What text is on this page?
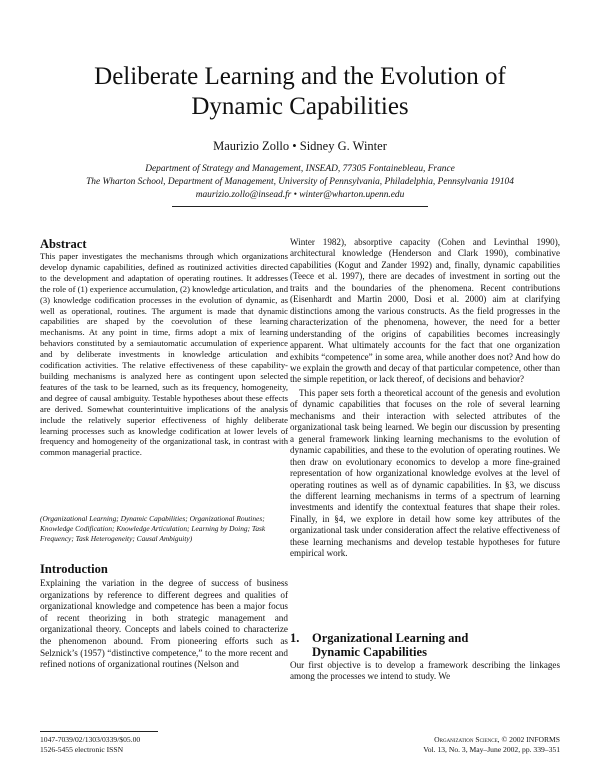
Deliberate Learning and the Evolution of
Dynamic Capabilities
Maurizio Zollo • Sidney G. Winter
Department of Strategy and Management, INSEAD, 77305 Fontainebleau, France
The Wharton School, Department of Management, University of Pennsylvania, Philadelphia, Pennsylvania 19104
maurizio.zollo@insead.fr • winter@wharton.upenn.edu
Abstract

This paper investigates the mechanisms through which organizations develop dynamic capabilities, defined as routinized activities directed to the development and adaptation of operating routines. It addresses the role of (1) experience accumulation, (2) knowledge articulation, and (3) knowledge codification processes in the evolution of dynamic, as well as operational, routines. The argument is made that dynamic capabilities are shaped by the coevolution of these learning mechanisms. At any point in time, firms adopt a mix of learning behaviors constituted by a semiautomatic accumulation of experience and by deliberate investments in knowledge articulation and codification activities. The relative effectiveness of these capability-building mechanisms is analyzed here as contingent upon selected features of the task to be learned, such as its frequency, homogeneity, and degree of causal ambiguity. Testable hypotheses about these effects are derived. Somewhat counterintuitive implications of the analysis include the relatively superior effectiveness of highly deliberate learning processes such as knowledge codification at lower levels of frequency and homogeneity of the organizational task, in contrast with common managerial practice.

(Organizational Learning; Dynamic Capabilities; Organizational Routines; Knowledge Codification; Knowledge Articulation; Learning by Doing; Task Frequency; Task Heterogeneity; Causal Ambiguity)
Introduction

Explaining the variation in the degree of success of business organizations by reference to different degrees and qualities of organizational knowledge and competence has been a major focus of recent theorizing in both strategic management and organizational theory. Concepts and labels coined to characterize the phenomenon abound. From pioneering efforts such as Selznick’s (1957) “distinctive competence,” to the more recent and refined notions of organizational routines (Nelson and

Winter 1982), absorptive capacity (Cohen and Levinthal 1990), architectural knowledge (Henderson and Clark 1990), combinative capabilities (Kogut and Zander 1992) and, finally, dynamic capabilities (Teece et al. 1997), there are decades of investment in sorting out the traits and the boundaries of the phenomena. Recent contributions (Eisenhardt and Martin 2000, Dosi et al. 2000) aim at clarifying distinctions among the various constructs. As the field progresses in the characterization of the phenomena, however, the need for a better understanding of the origins of capabilities becomes increasingly apparent. What ultimately accounts for the fact that one organization exhibits “competence” in some area, while another does not? And how do we explain the growth and decay of that particular competence, other than the simple repetition, or lack thereof, of decisions and behavior?

This paper sets forth a theoretical account of the genesis and evolution of dynamic capabilities that focuses on the role of several learning mechanisms and their interaction with selected attributes of the organizational task being learned. We begin our discussion by presenting a general framework linking learning mechanisms to the evolution of dynamic capabilities, and these to the evolution of operating routines. We then draw on evolutionary economics to develop a more fine-grained representation of how organizational knowledge evolves at the level of operating routines as well as of dynamic capabilities. In §3, we discuss the different learning mechanisms in terms of a spectrum of learning investments and identify the contextual features that shape their roles. Finally, in §4, we explore in detail how some key attributes of the organizational task under consideration affect the relative effectiveness of these learning mechanisms and develop testable hypotheses for future empirical work.

1. Organizational Learning and
Dynamic Capabilities

Our first objective is to develop a framework describing the linkages among the processes we intend to study. We

1047-7039/02/1303/0339/$05.00
1526-5455 electronic ISSN
Organization Science, © 2002 INFORMS
Vol. 13, No. 3, May–June 2002, pp. 339–351
